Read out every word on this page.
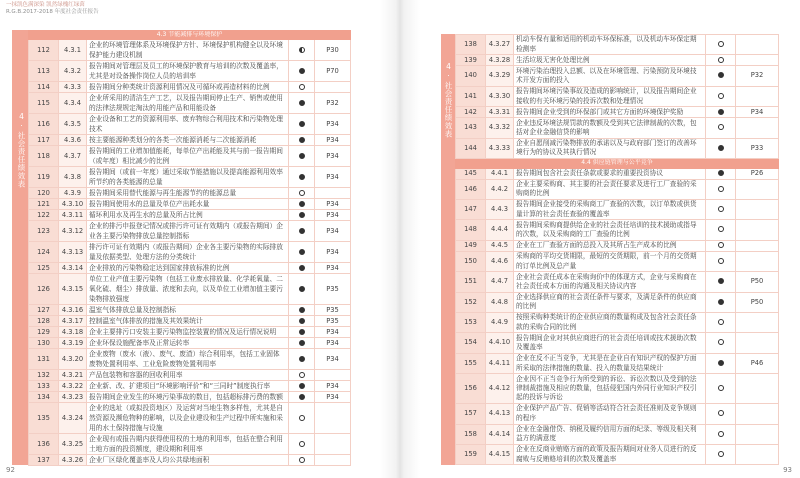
一抹凯色满深染 凯然绿槐红绿茵
R.G.B.2017-2018 年度社会责任报告
4·社会责任绩效表
4.3 节能减排与环境保护				
112	4.3.1	企业的环境管理体系及环境保护方针、环境保护机构健全以及环境保护能力建设机制		P30
113	4.3.2	报告期间对管理层及员工的环境保护教育与培训的次数及覆盖率，尤其是对设备操作岗位人员的培训率		P70
114	4.3.3	报告期间分种类统计资源利用情况及可循环或再造材料的比例		
115	4.3.4	企业所采用的清洁生产工艺，以及报告期间停止生产、销售或使用的法律法规规定淘汰的用能产品和用能设备		P32
116	4.3.5	企业设备和工艺的资源利用率、废弃物综合利用技术和污染物处理技术		P34
117	4.3.6	按主要能源种类划分的各类一次能源消耗与二次能源消耗		P34
118	4.3.7	报告期间的工业增加值能耗，每单位产出耗能及其与前一报告期间（或年度）相比减少的比例		P34
119	4.3.8	报告期间（或前一年度）通过采取节能措施以及提高能源利用效率所节约的各类能源的总量		P34
120	4.3.9	报告期间采用替代能源与再生能源节约的能源总量		
121	4.3.10	报告期间使用水的总量及单位产出耗水量		P34
122	4.3.11	循环利用水及再生水的总量及所占比例		P34
123	4.3.12	企业的排污申报登记情况或排污许可证有效期内（或报告期间）企业各主要污染物排放总量控制指标		P34
124	4.3.13	排污许可证有效期内（或报告期间）企业各主要污染物的实际排放量及依据类型、处理方法的分类统计		P34
125	4.3.14	企业排放的污染物稳定达到国家排放标准的比例		P34
126	4.3.15	单位工业产值主要污染物（包括工业废水排放量、化学耗氧量、二氧化硫、烟尘）排放量、浓度和去向，以及单位工业增加值主要污染物排放强度		P35
127	4.3.16	温室气体排放总量及控制指标		P35
128	4.3.17	控制温室气体排放的措施及其效果统计		P35
129	4.3.18	企业主要排污口安装主要污染物监控装置的情况及运行情况说明		P34
130	4.3.19	企业环保设施配备率及正常运转率		P34
131	4.3.20	企业废物（废水（液）、废气、废渣）综合利用率，包括工业固体废物处置利用率、工业危险废物处置利用率		P34
132	4.3.21	产品包装物和容器的回收利用率		
133	4.3.22	企业新、改、扩建项目“环境影响评价”和“三同时”制度执行率		P34
134	4.3.23	报告期间企业发生的环境污染事故的数目，包括超标排污费的数额		P34
135	4.3.24	企业的选址（或拟投资地区）及运营对当地生物多样性，尤其是自然资源及濒危物种的影响，以及企业建设和生产过程中所实施和采用的水土保持措施与设施		
136	4.3.25	企业现有或报告期内获得使用权的土地的利用率，包括在整合利用土地方面的投资额度，建设期和利用率		
137	4.3.26	企业厂区绿化覆盖率及人均公共绿地面积		
92
4·社会责任绩效表
138	4.3.27	机动车保有量和适用的机动车环保标准，以及机动车环保定期检测率		
139	4.3.28	生活垃圾无害化处理比例		
140	4.3.29	环境污染治理投入总额、以及在环境管理、污染预防及环境技术开发方面的投入		P32
141	4.3.30	报告期间环境污染事故及造成的影响统计，以及报告期间企业接收的有关环境污染的投诉次数和处理情况		
142	4.3.31	报告期间企业受到的环保部门或其它方面的环境保护奖励		P34
143	4.3.32	企业违反环境法规罚款的数额及受到其它法律制裁的次数，包括对企业金融信贷的影响		
144	4.3.33	企业自愿削减污染物排放的承诺以及与政府部门签订的改善环境行为的协议及其执行情况		P33
4.4 供应链管理与公平竞争				
145	4.4.1	报告期间包含社会责任条款或要求的重要投资协议		P26
146	4.4.2	企业主要采购商、其主要的社会责任要求及进行工厂查验的采购商的比例		
147	4.4.3	报告期间企业接受的采购商工厂查验的次数，以订单数或供货量计算的社会责任查验的覆盖率		
148	4.4.4	报告期间采购商提供给企业的社会责任培训的技术援助或指导的次数，以及采购商的工厂查验的比例		
149	4.4.5	企业在工厂查验方面的总投入及其所占生产成本的比例		
150	4.4.6	采购商的平均交货期限，最短的交货期限，前一个月的交货期的订单比例及总产量		
151	4.4.7	企业社会责任成本在采购询价中的体现方式，企业与采购商在社会责任成本方面的沟通及相关协议内容		P50
152	4.4.8	企业选择供应商的社会责任条件与要求，及满足条件的供应商的比例		P50
153	4.4.9	按照采购种类统计的企业供应商的数量构成及包含社会责任条款的采购合同的比例		
154	4.4.10	报告期间企业对其供应商进行的社会责任培训或技术援助次数及覆盖率		
155	4.4.11	企业在反不正当竞争，尤其是在企业自有知识产权的保护方面所采取的法律措施的数量、投入的数量及结果统计		P46
156	4.4.12	企业因不正当竞争行为所受到的诉讼、诉讼次数以及受到的法律制裁措施及相应的数量，包括侵犯国内外同行业知识产权引起的投诉与诉讼		
157	4.4.13	企业保护产品广告、促销等活动符合社会责任准则及竞争规则的程序		
158	4.4.14	企业在金融借贷、纳税及履约信用方面的纪录、等级及相关利益方的满意度		
159	4.4.15	企业在反商业贿赂方面的政策及报告期间对业务人员进行的反腐败与反贿赂培训的次数及覆盖率		
93
